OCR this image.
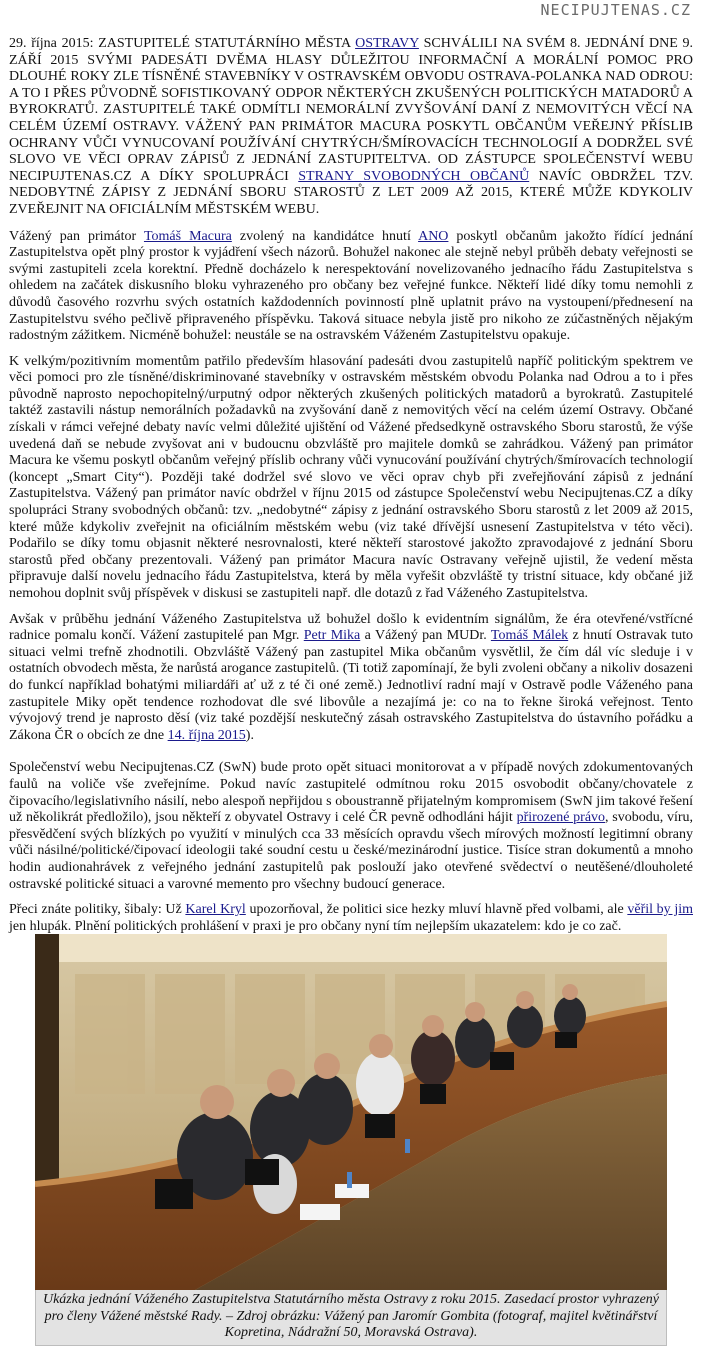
NECIPUJTENAS.CZ

29. října 2015: ZASTUPITELÉ STATUTÁRNÍHO MĚSTA OSTRAVY SCHVÁLILI NA SVÉM 8. JEDNÁNÍ DNE 9. ZÁŘÍ 2015 SVÝMI PADESÁTI DVĚMA HLASY DŮLEŽITOU INFORMAČNÍ A MORÁLNÍ POMOC PRO DLOUHÉ ROKY ZLE TÍSNĚNÉ STAVEBNÍKY V OSTRAVSKÉM OBVODU OSTRAVA-POLANKA NAD ODROU: A TO I PŘES PŮVODNĚ SOFISTIKOVANÝ ODPOR NĚKTERÝCH ZKUŠENÝCH POLITICKÝCH MATADORŮ A BYROKRATŮ. ZASTUPITELÉ TAKÉ ODMÍTLI NEMORÁLNÍ ZVYŠOVÁNÍ DANÍ Z NEMOVITÝCH VĚCÍ NA CELÉM ÚZEMÍ OSTRAVY. VÁŽENÝ PAN PRIMÁTOR MACURA POSKYTL OBČANŮM VEŘEJNÝ PŘÍSLIB OCHRANY VŮČI VYNUCOVANÍ POUŽÍVÁNÍ CHYTRÝCH/ŠMÍROVACÍCH TECHNOLOGIÍ A DODRŽEL SVÉ SLOVO VE VĚCI OPRAV ZÁPISŮ Z JEDNÁNÍ ZASTUPITELTVA. OD ZÁSTUPCE SPOLEČENSTVÍ WEBU NECIPUJTENAS.CZ A DÍKY SPOLUPRÁCI STRANY SVOBODNÝCH OBČANŮ NAVÍC OBDRŽEL TZV. NEDOBYTNÉ ZÁPISY Z JEDNÁNÍ SBORU STAROSTŮ Z LET 2009 AŽ 2015, KTERÉ MŮŽE KDYKOLIV ZVEŘEJNIT NA OFICIÁLNÍM MĚSTSKÉM WEBU.

Vážený pan primátor Tomáš Macura zvolený na kandidátce hnutí ANO poskytl občanům jakožto řídící jednání Zastupitelstva opět plný prostor k vyjádření všech názorů. Bohužel nakonec ale stejně nebyl průběh debaty veřejnosti se svými zastupiteli zcela korektní. Předně docházelo k nerespektování novelizovaného jednacího řádu Zastupitelstva s ohledem na začátek diskusního bloku vyhrazeného pro občany bez veřejné funkce. Někteří lidé díky tomu nemohli z důvodů časového rozvrhu svých ostatních každodenních povinností plně uplatnit právo na vystoupení/přednesení na Zastupitelstvu svého pečlivě připraveného příspěvku. Taková situace nebyla jistě pro nikoho ze zúčastněných nějakým radostným zážitkem. Nicméně bohužel: neustále se na ostravském Váženém Zastupitelstvu opakuje.

K velkým/pozitivním momentům patřilo především hlasování padesáti dvou zastupitelů napříč politickým spektrem ve věci pomoci pro zle tísněné/diskriminované stavebníky v ostravském městském obvodu Polanka nad Odrou a to i přes původně naprosto nepochopitelný/urputný odpor některých zkušených politických matadorů a byrokratů. Zastupitelé taktéž zastavili nástup nemorálních požadavků na zvyšování daně z nemovitých věcí na celém území Ostravy. Občané získali v rámci veřejné debaty navíc velmi důležité ujištění od Vážené předsedkyně ostravského Sboru starostů, že výše uvedená daň se nebude zvyšovat ani v budoucnu obzvláště pro majitele domků se zahrádkou. Vážený pan primátor Macura ke všemu poskytl občanům veřejný příslib ochrany vůči vynucování používání chytrých/šmírovacích technologií (koncept „Smart City“). Později také dodržel své slovo ve věci oprav chyb při zveřejňování zápisů z jednání Zastupitelstva. Vážený pan primátor navíc obdržel v říjnu 2015 od zástupce Společenství webu Necipujtenas.CZ a díky spolupráci Strany svobodných občanů: tzv. „nedobytné“ zápisy z jednání ostravského Sboru starostů z let 2009 až 2015, které může kdykoliv zveřejnit na oficiálním městském webu (viz také dřívější usnesení Zastupitelstva v této věci). Podařilo se díky tomu objasnit některé nesrovnalosti, které někteří starostové jakožto zpravodajové z jednání Sboru starostů před občany prezentovali. Vážený pan primátor Macura navíc Ostravany veřejně ujistil, že vedení města připravuje další novelu jednacího řádu Zastupitelstva, která by měla vyřešit obzvláště ty tristní situace, kdy občané již nemohou doplnit svůj příspěvek v diskusi se zastupiteli např. dle dotazů z řad Váženého Zastupitelstva.

Avšak v průběhu jednání Váženého Zastupitelstva už bohužel došlo k evidentním signálům, že éra otevřené/vstřícné radnice pomalu končí. Vážení zastupitelé pan Mgr. Petr Mika a Vážený pan MUDr. Tomáš Málek z hnutí Ostravak tuto situaci velmi trefně zhodnotili. Obzvláště Vážený pan zastupitel Mika občanům vysvětlil, že čím dál víc sleduje i v ostatních obvodech města, že narůstá arogance zastupitelů. (Ti totiž zapomínají, že byli zvoleni občany a nikoliv dosazeni do funkcí například bohatými miliardáři ať už z té či oné země.) Jednotliví radní mají v Ostravě podle Váženého pana zastupitele Miky opět tendence rozhodovat dle své libovůle a nezajímá je: co na to řekne široká veřejnost. Tento vývojový trend je naprosto děsí (viz také pozdější neskutečný zásah ostravského Zastupitelstva do ústavního pořádku a Zákona ČR o obcích ze dne 14. října 2015).

Společenství webu Necipujtenas.CZ (SwN) bude proto opět situaci monitorovat a v případě nových zdokumentovaných faulů na voliče vše zveřejníme. Pokud navíc zastupitelé odmítnou roku 2015 osvobodit občany/chovatele z čipovacího/legislativního násilí, nebo alespoň nepřijdou s oboustranně přijatelným kompromisem (SwN jim takové řešení už několikrát předložilo), jsou někteří z obyvatel Ostravy i celé ČR pevně odhodláni hájit přirozené právo, svobodu, víru, přesvědčení svých blízkých po využití v minulých cca 33 měsících opravdu všech mírových možností legitimní obrany vůči násilné/politické/čipovací ideologii také soudní cestu u české/mezinárodní justice. Tisíce stran dokumentů a mnoho hodin audionahrávek z veřejného jednání zastupitelů pak poslouží jako otevřené svědectví o neutěšené/dlouholeté ostravské politické situaci a varovné memento pro všechny budoucí generace.

Přeci znáte politiky, šibaly: Už Karel Kryl upozorňoval, že politici sice hezky mluví hlavně před volbami, ale věřil by jim jen hlupák. Plnění politických prohlášení v praxi je pro občany nyní tím nejlepším ukazatelem: kdo je co zač.

Ukázka jednání Váženého Zastupitelstva Statutárního města Ostravy z roku 2015. Zasedací prostor vyhrazený pro členy Vážené městské Rady. – Zdroj obrázku: Vážený pan Jaromír Gombita (fotograf, majitel květinářství Kopretina, Nádražní 50, Moravská Ostrava).
